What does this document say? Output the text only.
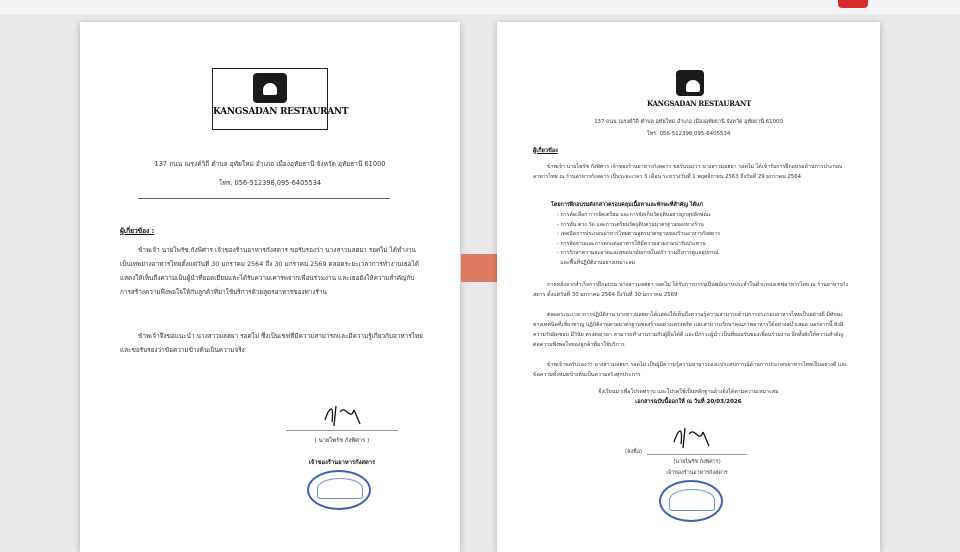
KANGSADAN RESTAURANT
137 ถนน ณรงค์วิถี ตำบล อุทัยใหม่ อำเภอ เมืองอุทัยธานี จังหวัด อุทัยธานี 61000
โทร. 056-512398,095-6405534
ผู้เกี่ยวข้อง :
ข้าพเจ้า นายไพรัช กังพิศาร เจ้าของร้านอาหารกังสดาร ขอรับรองว่า นางสาวมลฮยา รอดไม่ ได้ทำงานเป็นเทพย่างอาหารไทยตั้งแต่วันที่ 30 มกราคม 2564 ถึง 30 มกราคม 2569 ตลอดระยะเวลาการทำงานเธอได้แสดงให้เห็นถึงความเป็นผู้นำที่ยอดเยี่ยมและได้รับความเคารพจากเพื่อนร่วมงาน และเธอยังให้ความสำคัญกับการสร้างความพึงพอใจให้กับลูกค้าที่มาใช้บริการด้วยสูตรอาหารของทางร้าน
ข้าพเจ้าจึงขอแนะนำ นางสาวมลฮยา รอดไม่ ซึ่งเป็นเชฟที่มีความสามารถและมีความรู้เกี่ยวกับอาหารไทย และขอรับรองว่าข้อความข้างต้นเป็นความจริง
( นายไพรัช กังพิศาร )
เจ้าของร้านอาหารกังสดาร
KANGSADAN RESTAURANT
137 ถนน ณรงค์วิถี ตำบล อุทัยใหม่ อำเภอ เมืองอุทัยธานี จังหวัด อุทัยธานี 61000
โทร. 056-512398,095-6405534
ผู้เกี่ยวข้อง
ข้าพเจ้า นายไพรัช กังพิศาร เจ้าของร้านอาหารกังสดาร ขอรับรองว่า นางสาวมลฮยา รอดไม่ ได้เข้ารับการฝึกอบรมด้านการประกอบอาหารไทย ณ ร้านอาหารกังสดาร เป็นระยะเวลา 3 เดือน ระหว่างวันที่ 1 พฤศจิกายน 2563 ถึงวันที่ 29 มกราคม 2564
โดยการฝึกอบรมดังกล่าวครอบคลุมเนื้อหาและทักษะที่สำคัญ ได้แก่
- การคัดเลือก การจัดเตรียม และการจัดเก็บวัตถุดิบอย่างถูกสุขลักษณะ
- การหั่น ตวง วัด และการเตรียมวัตถุดิบตามมาตรฐานของทางร้าน
- เทคนิคการประกอบอาหารไทยตามสูตรมาตรฐานของร้านอาหารกังสดาร
- การจัดจานและการตกแต่งอาหารให้มีความสวยงามน่ารับประทาน
- การรักษาความสะอาดและสุขอนามัยภายในครัว รวมถึงการดูแลอุปกรณ์
และพื้นที่ปฏิบัติงานอย่างเหมาะสม
ภายหลังจากสำเร็จการฝึกอบรม นางสาวมลฮยา รอดไม่ ได้รับการบรรจุเป็นพนักงานประจำในตำแหน่งเชฟอาหารไทย ณ ร้านอาหารกังสดาร ตั้งแต่วันที่ 30 มกราคม 2564 ถึงวันที่ 30 มกราคม 2569
ตลอดระยะเวลาการปฏิบัติงาน นางสาวมลฮยาได้แสดงให้เห็นถึงความรู้ความสามารถด้านการประกอบอาหารไทยเป็นอย่างดี มีทักษะทางเทคนิคที่เชี่ยวชาญ ปฏิบัติงานตามมาตรฐานของร้านอย่างเคร่งครัด และสามารถรักษาคุณภาพอาหารได้อย่างสม่ำเสมอ นอกจากนี้ ยังมีความรับผิดชอบ มีวินัย ตรงต่อเวลา สามารถทำงานร่วมกับผู้อื่นได้ดี และมีภาวะผู้นำ เป็นที่ยอมรับของเพื่อนร่วมงาน อีกทั้งยังให้ความสำคัญต่อความพึงพอใจของลูกค้าที่มาใช้บริการ
ข้าพเจ้าขอรับรองว่า นางสาวมลฮยา รอดไม่ เป็นผู้มีความรู้ความสามารถและประสบการณ์ด้านการประกอบอาหารไทยเป็นอย่างดี และข้อความทั้งหมดข้างต้นเป็นความจริงทุกประการ
จึงเรียนมาเพื่อโปรดทราบ และโปรดใช้เป็นหลักฐานอ้างอิงได้ตามความเหมาะสม
เอกสารฉบับนี้ออกให้ ณ วันที่ 20/03/2026
(ลงชื่อ)
(นายไพรัช กังพิศาร)
เจ้าของร้านอาหารกังสดาร
